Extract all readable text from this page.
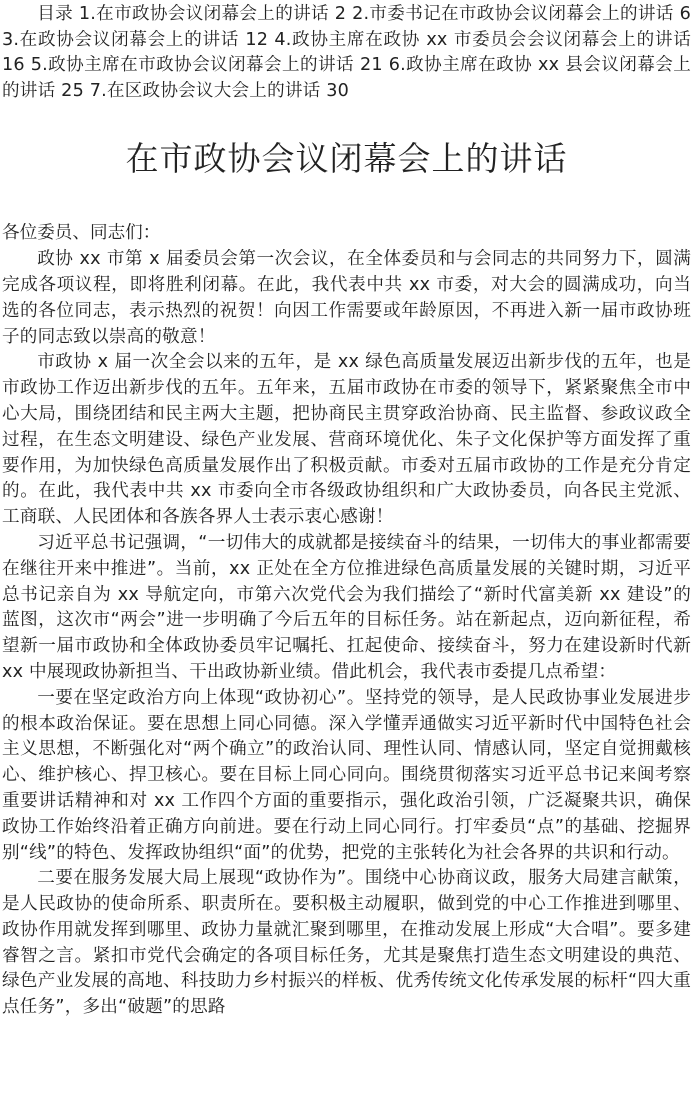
目录 1.在市政协会议闭幕会上的讲话 2 2.市委书记在市政协会议闭幕会上的讲话 6 3.在政协会议闭幕会上的讲话 12 4.政协主席在政协 xx 市委员会会议闭幕会上的讲话 16 5.政协主席在市政协会议闭幕会上的讲话 21 6.政协主席在政协 xx 县会议闭幕会上的讲话 25 7.在区政协会议大会上的讲话 30

在市政协会议闭幕会上的讲话

各位委员、同志们：

政协 xx 市第 x 届委员会第一次会议，在全体委员和与会同志的共同努力下，圆满完成各项议程，即将胜利闭幕。在此，我代表中共 xx 市委，对大会的圆满成功，向当选的各位同志，表示热烈的祝贺！向因工作需要或年龄原因，不再进入新一届市政协班子的同志致以崇高的敬意！

市政协 x 届一次全会以来的五年，是 xx 绿色高质量发展迈出新步伐的五年，也是市政协工作迈出新步伐的五年。五年来，五届市政协在市委的领导下，紧紧聚焦全市中心大局，围绕团结和民主两大主题，把协商民主贯穿政治协商、民主监督、参政议政全过程，在生态文明建设、绿色产业发展、营商环境优化、朱子文化保护等方面发挥了重要作用，为加快绿色高质量发展作出了积极贡献。市委对五届市政协的工作是充分肯定的。在此，我代表中共 xx 市委向全市各级政协组织和广大政协委员，向各民主党派、工商联、人民团体和各族各界人士表示衷心感谢！

习近平总书记强调，“一切伟大的成就都是接续奋斗的结果，一切伟大的事业都需要在继往开来中推进”。当前，xx 正处在全方位推进绿色高质量发展的关键时期，习近平总书记亲自为 xx 导航定向，市第六次党代会为我们描绘了“新时代富美新 xx 建设”的蓝图，这次市“两会”进一步明确了今后五年的目标任务。站在新起点，迈向新征程，希望新一届市政协和全体政协委员牢记嘱托、扛起使命、接续奋斗，努力在建设新时代新 xx 中展现政协新担当、干出政协新业绩。借此机会，我代表市委提几点希望：

一要在坚定政治方向上体现“政协初心”。坚持党的领导，是人民政协事业发展进步的根本政治保证。要在思想上同心同德。深入学懂弄通做实习近平新时代中国特色社会主义思想，不断强化对“两个确立”的政治认同、理性认同、情感认同，坚定自觉拥戴核心、维护核心、捍卫核心。要在目标上同心同向。围绕贯彻落实习近平总书记来闽考察重要讲话精神和对 xx 工作四个方面的重要指示，强化政治引领，广泛凝聚共识，确保政协工作始终沿着正确方向前进。要在行动上同心同行。打牢委员“点”的基础、挖掘界别“线”的特色、发挥政协组织“面”的优势，把党的主张转化为社会各界的共识和行动。

二要在服务发展大局上展现“政协作为”。围绕中心协商议政，服务大局建言献策，是人民政协的使命所系、职责所在。要积极主动履职，做到党的中心工作推进到哪里、政协作用就发挥到哪里、政协力量就汇聚到哪里，在推动发展上形成“大合唱”。要多建睿智之言。紧扣市党代会确定的各项目标任务，尤其是聚焦打造生态文明建设的典范、绿色产业发展的高地、科技助力乡村振兴的样板、优秀传统文化传承发展的标杆“四大重点任务”，多出“破题”的思路
